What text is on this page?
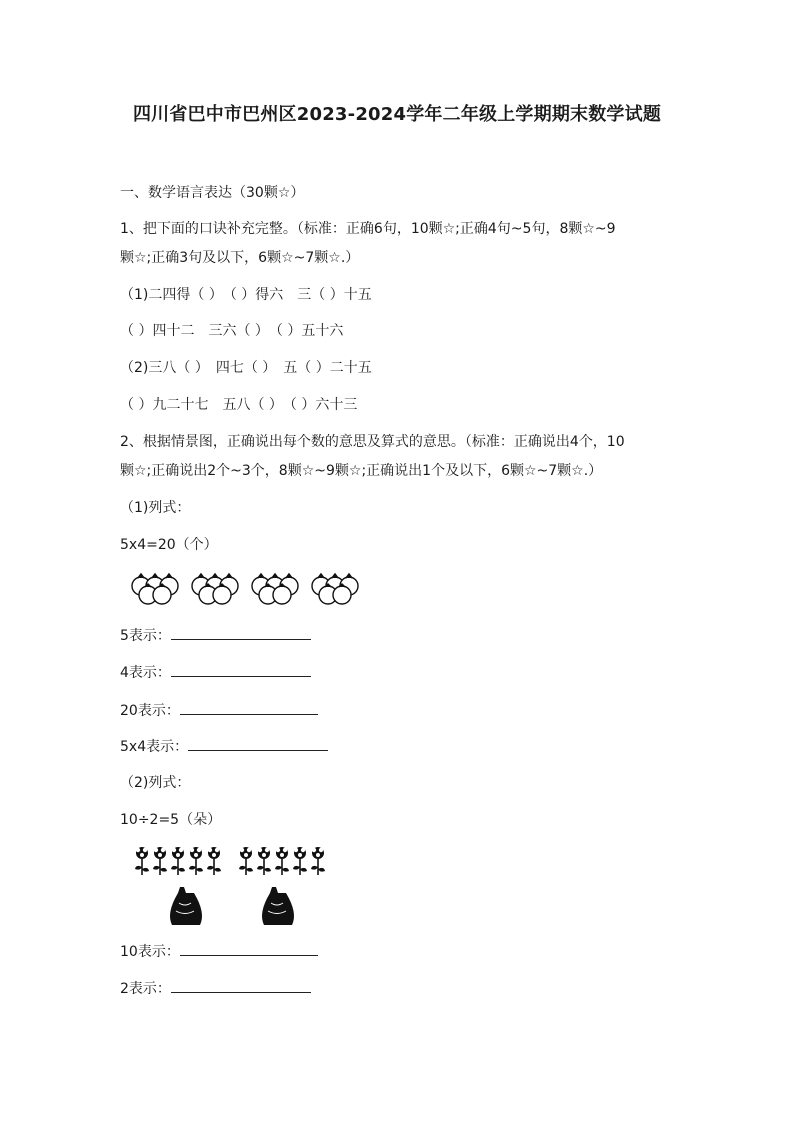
四川省巴中市巴州区2023-2024学年二年级上学期期末数学试题
一、数学语言表达（30颗☆）
1、把下面的口诀补充完整。（标准：正确6句，10颗☆;正确4句~5句，8颗☆~9
颗☆;正确3句及以下，6颗☆~7颗☆.）
（1)二四得（ ）　（ ）得六　三（ ）十五
（ ）四十二　三六（ ）　（ ）五十六
（2)三八（ ）　四七（ ）　五（ ）二十五
（ ）九二十七　五八（ ）　（ ）六十三
2、根据情景图，正确说出每个数的意思及算式的意思。（标准：正确说出4个，10
颗☆;正确说出2个~3个，8颗☆~9颗☆;正确说出1个及以下，6颗☆~7颗☆.）
（1)列式：
5x4=20（个）
5表示：
4表示：
20表示：
5x4表示：
（2)列式：
10÷2=5（朵）
10表示：
2表示：
